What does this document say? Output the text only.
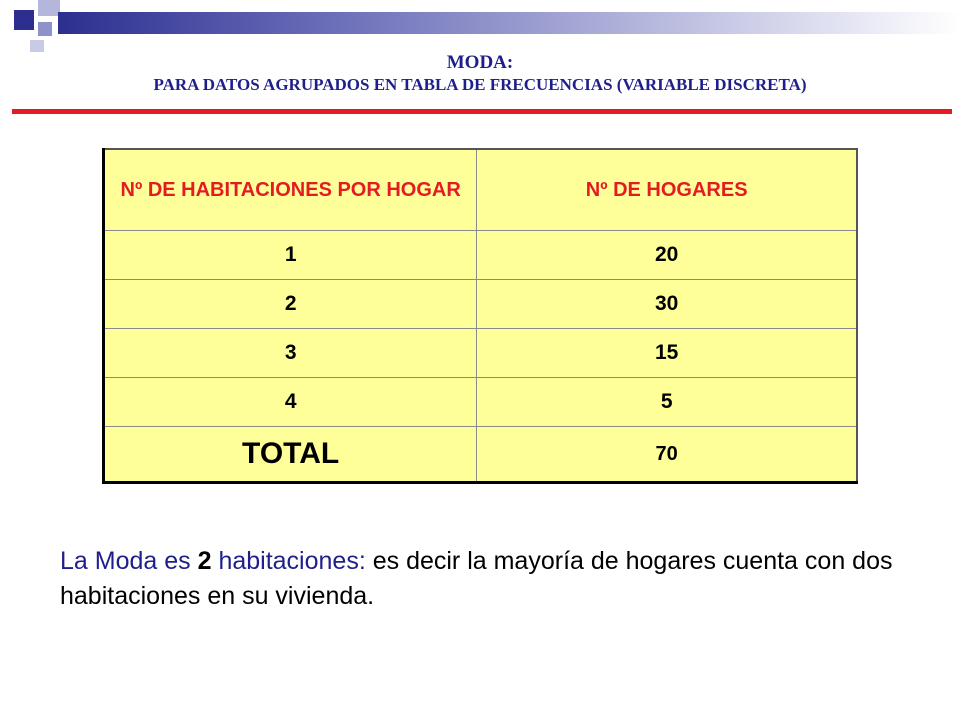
MODA:
PARA DATOS AGRUPADOS EN TABLA DE FRECUENCIAS (VARIABLE DISCRETA)
Nº DE HABITACIONES POR HOGAR	Nº DE HOGARES
1	20
2	30
3	15
4	5
TOTAL	70
La Moda es 2 habitaciones: es decir la mayoría de hogares cuenta con dos habitaciones en su vivienda.
